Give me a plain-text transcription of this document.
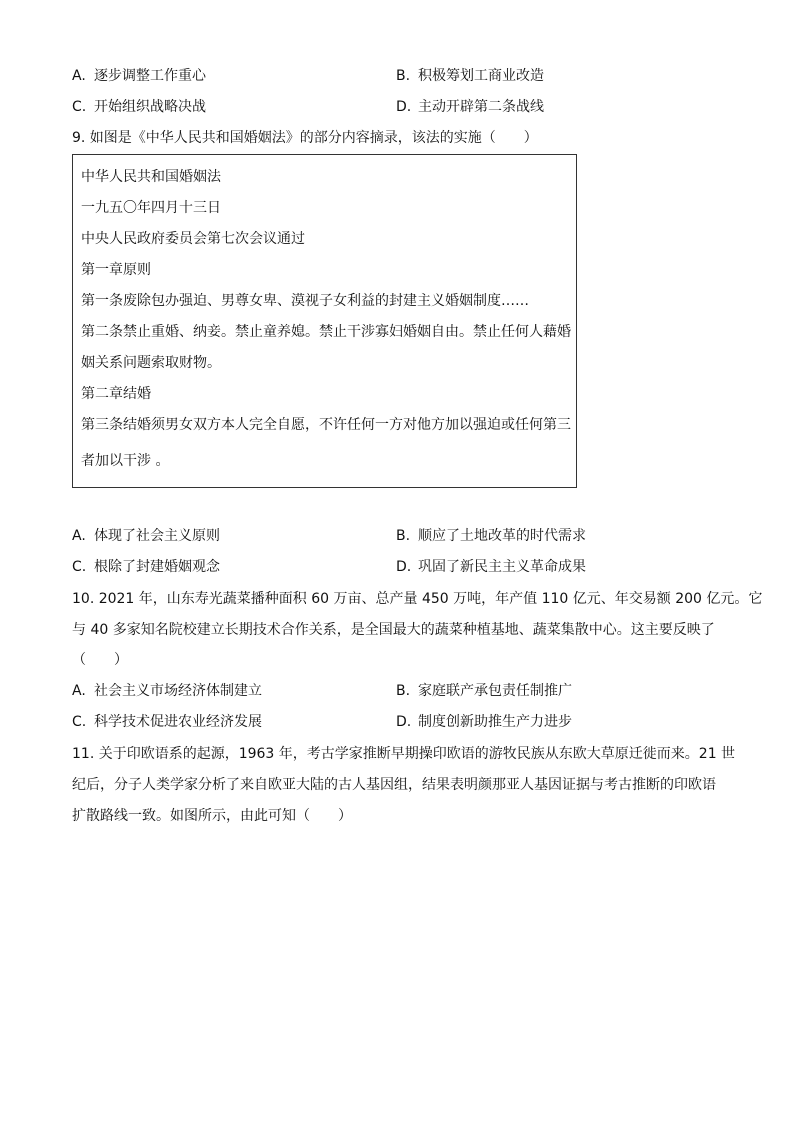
A. 逐步调整工作重心	B. 积极筹划工商业改造
C. 开始组织战略决战	D. 主动开辟第二条战线
9. 如图是《中华人民共和国婚姻法》的部分内容摘录，该法的实施（　　）
中华人民共和国婚姻法
一九五〇年四月十三日
中央人民政府委员会第七次会议通过
第一章原则
第一条废除包办强迫、男尊女卑、漠视子女利益的封建主义婚姻制度……
第二条禁止重婚、纳妾。禁止童养媳。禁止干涉寡妇婚姻自由。禁止任何人藉婚
姻关系问题索取财物。
第二章结婚
第三条结婚须男女双方本人完全自愿，不许任何一方对他方加以强迫或任何第三
者加以干涉 。
A. 体现了社会主义原则	B. 顺应了土地改革的时代需求
C. 根除了封建婚姻观念	D. 巩固了新民主主义革命成果
10. 2021 年，山东寿光蔬菜播种面积 60 万亩、总产量 450 万吨，年产值 110 亿元、年交易额 200 亿元。它
与 40 多家知名院校建立长期技术合作关系，是全国最大的蔬菜种植基地、蔬菜集散中心。这主要反映了
（　　）
A. 社会主义市场经济体制建立	B. 家庭联产承包责任制推广
C. 科学技术促进农业经济发展	D. 制度创新助推生产力进步
11. 关于印欧语系的起源，1963 年，考古学家推断早期操印欧语的游牧民族从东欧大草原迁徙而来。21 世
纪后，分子人类学家分析了来自欧亚大陆的古人基因组，结果表明颜那亚人基因证据与考古推断的印欧语
扩散路线一致。如图所示，由此可知（　　）
